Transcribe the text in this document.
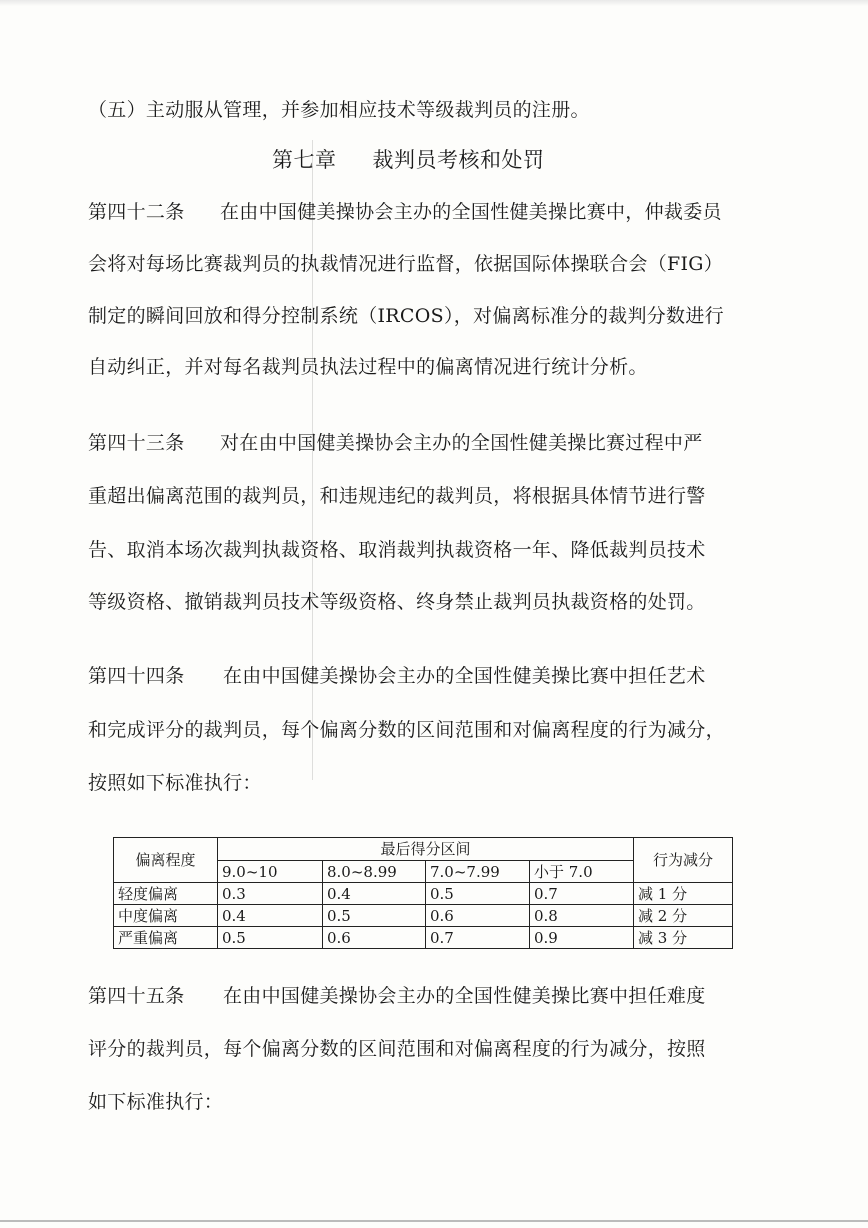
（五）主动服从管理，并参加相应技术等级裁判员的注册。
第七章 裁判员考核和处罚
第四十二条 在由中国健美操协会主办的全国性健美操比赛中，仲裁委员
会将对每场比赛裁判员的执裁情况进行监督，依据国际体操联合会（FIG）
制定的瞬间回放和得分控制系统（IRCOS），对偏离标准分的裁判分数进行
自动纠正，并对每名裁判员执法过程中的偏离情况进行统计分析。
第四十三条 对在由中国健美操协会主办的全国性健美操比赛过程中严
重超出偏离范围的裁判员，和违规违纪的裁判员，将根据具体情节进行警
告、取消本场次裁判执裁资格、取消裁判执裁资格一年、降低裁判员技术
等级资格、撤销裁判员技术等级资格、终身禁止裁判员执裁资格的处罚。
第四十四条 在由中国健美操协会主办的全国性健美操比赛中担任艺术
和完成评分的裁判员，每个偏离分数的区间范围和对偏离程度的行为减分，
按照如下标准执行：
偏离程度	最后得分区间				行为减分
	9.0~10	8.0~8.99	7.0~7.99	小于 7.0	
轻度偏离	0.3	0.4	0.5	0.7	减 1 分
中度偏离	0.4	0.5	0.6	0.8	减 2 分
严重偏离	0.5	0.6	0.7	0.9	减 3 分
第四十五条 在由中国健美操协会主办的全国性健美操比赛中担任难度
评分的裁判员，每个偏离分数的区间范围和对偏离程度的行为减分，按照
如下标准执行：
